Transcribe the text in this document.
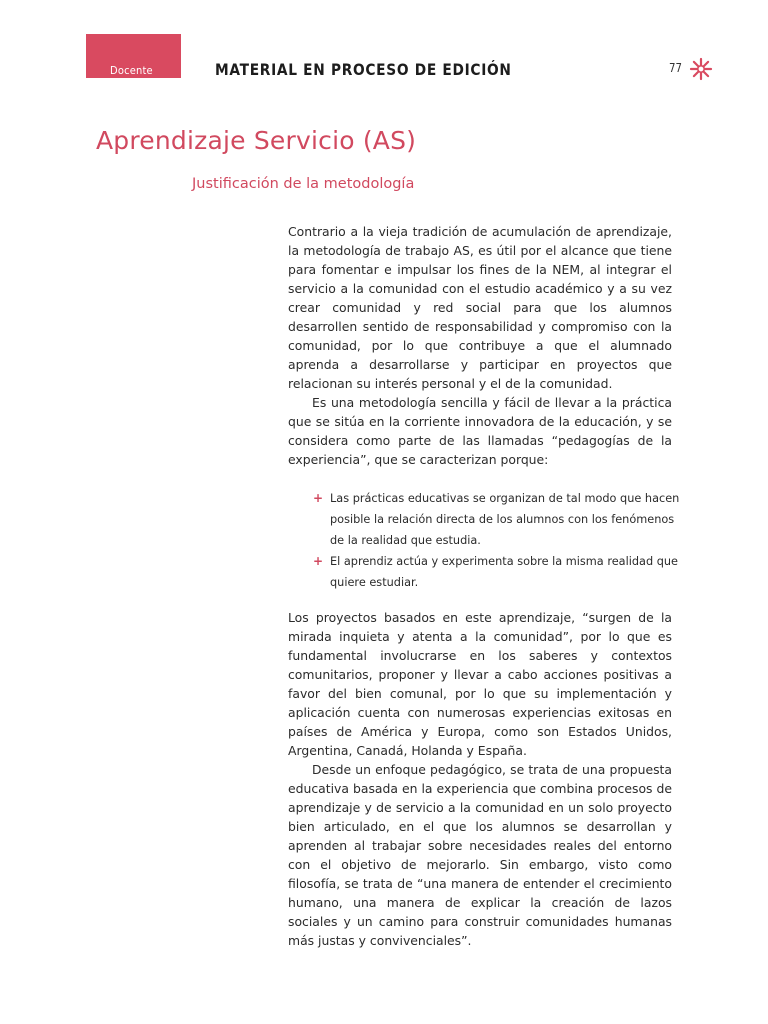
Docente	MATERIAL EN PROCESO DE EDICIÓN	77
Aprendizaje Servicio (AS)
Justificación de la metodología

Contrario a la vieja tradición de acumulación de aprendizaje, la metodología de trabajo AS, es útil por el alcance que tiene para fomentar e impulsar los fines de la NEM, al integrar el servicio a la comunidad con el estudio académico y a su vez crear comunidad y red social para que los alumnos desarrollen sentido de responsabilidad y compromiso con la comunidad, por lo que contribuye a que el alumnado aprenda a desarrollarse y participar en proyectos que relacionan su interés personal y el de la comunidad.

Es una metodología sencilla y fácil de llevar a la práctica que se sitúa en la corriente innovadora de la educación, y se considera como parte de las llamadas “pedagogías de la experiencia”, que se caracterizan porque:

+ Las prácticas educativas se organizan de tal modo que hacen posible la relación directa de los alumnos con los fenómenos de la realidad que estudia.
+ El aprendiz actúa y experimenta sobre la misma realidad que quiere estudiar.

Los proyectos basados en este aprendizaje, “surgen de la mirada inquieta y atenta a la comunidad”, por lo que es fundamental involucrarse en los saberes y contextos comunitarios, proponer y llevar a cabo acciones positivas a favor del bien comunal, por lo que su implementación y aplicación cuenta con numerosas experiencias exitosas en países de América y Europa, como son Estados Unidos, Argentina, Canadá, Holanda y España.

Desde un enfoque pedagógico, se trata de una propuesta educativa basada en la experiencia que combina procesos de aprendizaje y de servicio a la comunidad en un solo proyecto bien articulado, en el que los alumnos se desarrollan y aprenden al trabajar sobre necesidades reales del entorno con el objetivo de mejorarlo. Sin embargo, visto como filosofía, se trata de “una manera de entender el crecimiento humano, una manera de explicar la creación de lazos sociales y un camino para construir comunidades humanas más justas y convivenciales”.
